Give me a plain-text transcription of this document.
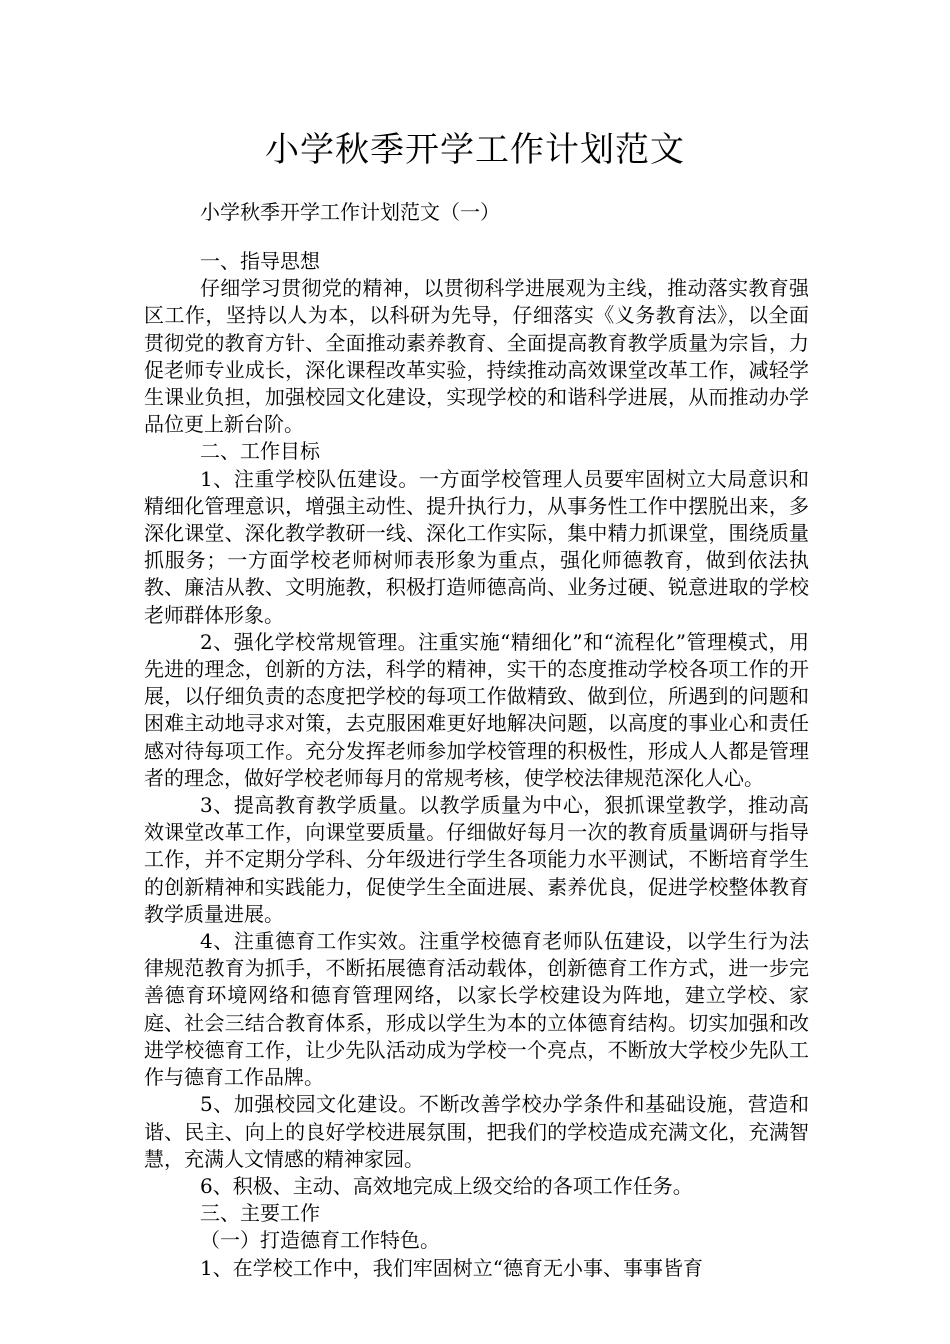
小学秋季开学工作计划范文
小学秋季开学工作计划范文（一）

一、指导思想

仔细学习贯彻党的精神，以贯彻科学进展观为主线，推动落实教育强区工作，坚持以人为本，以科研为先导，仔细落实《义务教育法》，以全面贯彻党的教育方针、全面推动素养教育、全面提高教育教学质量为宗旨，力促老师专业成长，深化课程改革实验，持续推动高效课堂改革工作，减轻学生课业负担，加强校园文化建设，实现学校的和谐科学进展，从而推动办学品位更上新台阶。

二、工作目标

1、注重学校队伍建设。一方面学校管理人员要牢固树立大局意识和精细化管理意识，增强主动性、提升执行力，从事务性工作中摆脱出来，多深化课堂、深化教学教研一线、深化工作实际，集中精力抓课堂，围绕质量抓服务；一方面学校老师树师表形象为重点，强化师德教育，做到依法执教、廉洁从教、文明施教，积极打造师德高尚、业务过硬、锐意进取的学校老师群体形象。

2、强化学校常规管理。注重实施“精细化”和“流程化”管理模式，用先进的理念，创新的方法，科学的精神，实干的态度推动学校各项工作的开展，以仔细负责的态度把学校的每项工作做精致、做到位，所遇到的问题和困难主动地寻求对策，去克服困难更好地解决问题，以高度的事业心和责任感对待每项工作。充分发挥老师参加学校管理的积极性，形成人人都是管理者的理念，做好学校老师每月的常规考核，使学校法律规范深化人心。

3、提高教育教学质量。以教学质量为中心，狠抓课堂教学，推动高效课堂改革工作，向课堂要质量。仔细做好每月一次的教育质量调研与指导工作，并不定期分学科、分年级进行学生各项能力水平测试，不断培育学生的创新精神和实践能力，促使学生全面进展、素养优良，促进学校整体教育教学质量进展。

4、注重德育工作实效。注重学校德育老师队伍建设，以学生行为法律规范教育为抓手，不断拓展德育活动载体，创新德育工作方式，进一步完善德育环境网络和德育管理网络，以家长学校建设为阵地，建立学校、家庭、社会三结合教育体系，形成以学生为本的立体德育结构。切实加强和改进学校德育工作，让少先队活动成为学校一个亮点，不断放大学校少先队工作与德育工作品牌。

5、加强校园文化建设。不断改善学校办学条件和基础设施，营造和谐、民主、向上的良好学校进展氛围，把我们的学校造成充满文化，充满智慧，充满人文情感的精神家园。

6、积极、主动、高效地完成上级交给的各项工作任务。

三、主要工作

（一）打造德育工作特色。

1、在学校工作中，我们牢固树立“德育无小事、事事皆育
